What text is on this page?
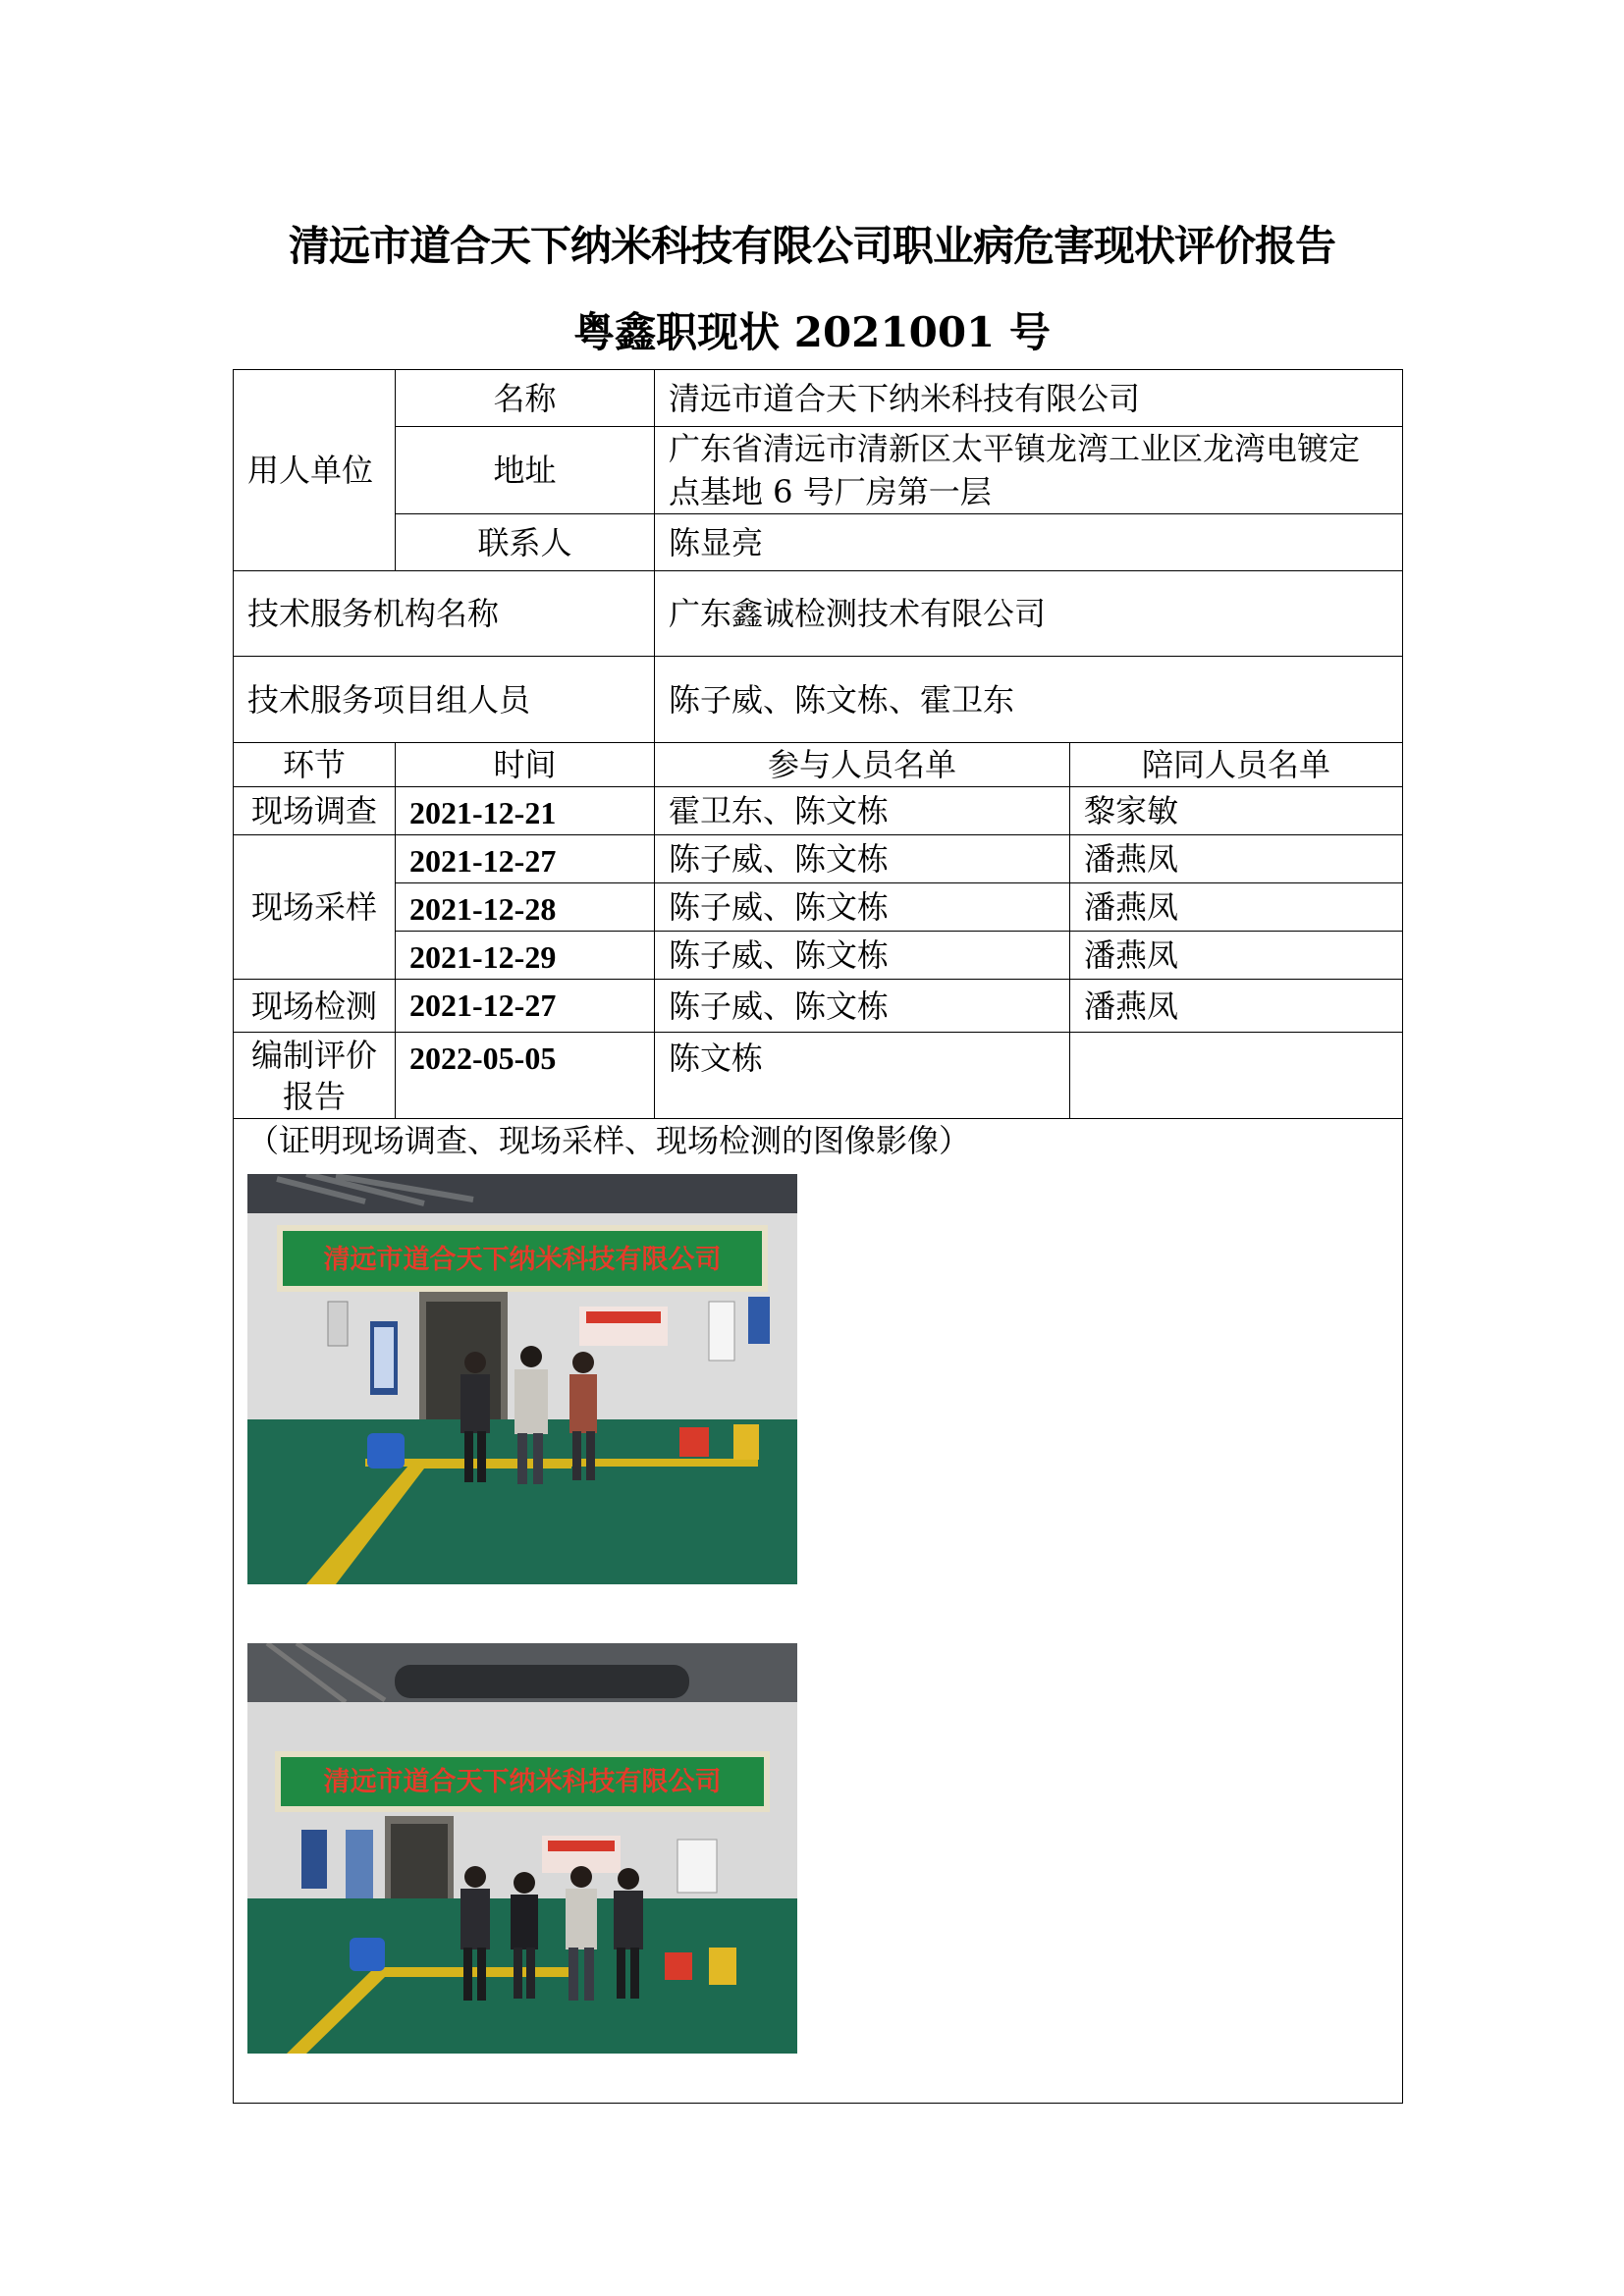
清远市道合天下纳米科技有限公司职业病危害现状评价报告
粤鑫职现状 2021001 号
用人单位	名称	清远市道合天下纳米科技有限公司	
	地址	广东省清远市清新区太平镇龙湾工业区龙湾电镀定点基地 6 号厂房第一层	
	联系人	陈显亮	
技术服务机构名称		广东鑫诚检测技术有限公司	
技术服务项目组人员		陈子威、陈文栋、霍卫东	
环节	时间	参与人员名单	陪同人员名单
现场调查	2021-12-21	霍卫东、陈文栋	黎家敏
现场采样	2021-12-27	陈子威、陈文栋	潘燕凤
	2021-12-28	陈子威、陈文栋	潘燕凤
	2021-12-29	陈子威、陈文栋	潘燕凤
现场检测	2021-12-27	陈子威、陈文栋	潘燕凤
编制评价报告	2022-05-05	陈文栋	

（证明现场调查、现场采样、现场检测的图像影像）
清远市道合天下纳米科技有限公司
清远市道合天下纳米科技有限公司			
